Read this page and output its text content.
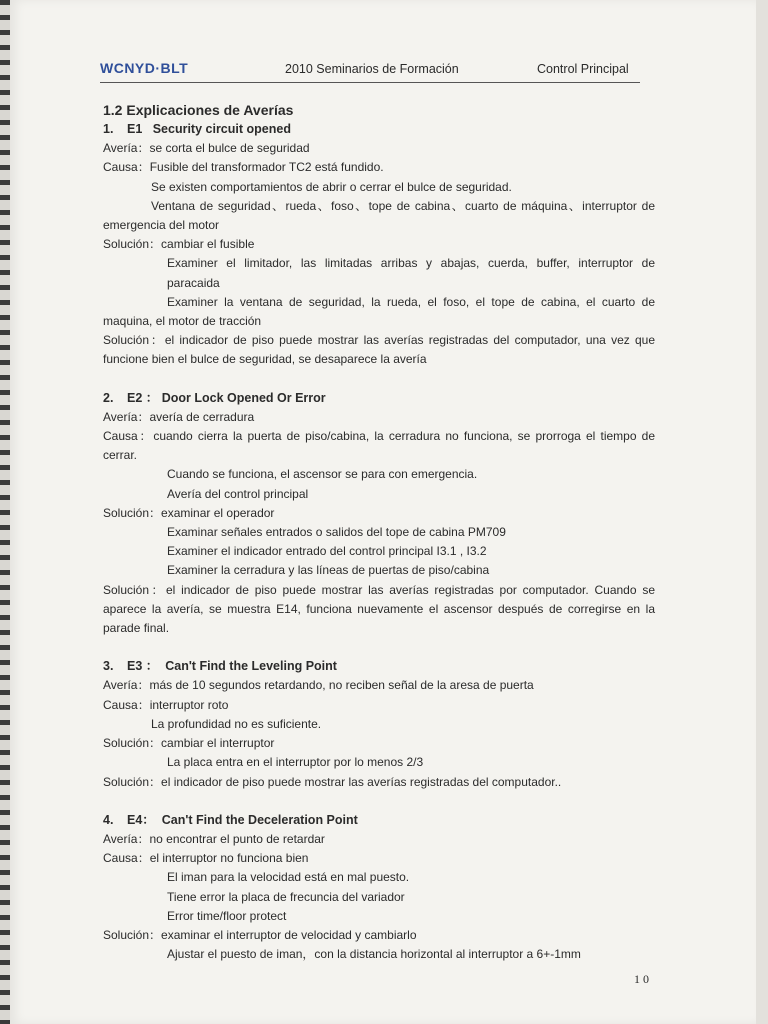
WCNYD·BLT	2010 Seminarios de Formación	Control Principal

1.2 Explicaciones de Averías

1. E1 Security circuit opened

Avería：se corta el bulce de seguridad

Causa：Fusible del transformador TC2 está fundido.

Se existen comportamientos de abrir o cerrar el bulce de seguridad.

Ventana de seguridad、rueda、foso、tope de cabina、cuarto de máquina、interruptor de

emergencia del motor

Solución：cambiar el fusible

Examiner el limitador, las limitadas arribas y abajas, cuerda, buffer, interruptor de

paracaida

Examiner la ventana de seguridad, la rueda, el foso, el tope de cabina, el cuarto de

maquina, el motor de tracción

Solución：el indicador de piso puede mostrar las averías registradas del computador, una vez que

funcione bien el bulce de seguridad, se desaparece la avería

2. E2 ： Door Lock Opened Or Error

Avería：avería de cerradura

Causa：cuando cierra la puerta de piso/cabina, la cerradura no funciona, se prorroga el tiempo de

cerrar.

Cuando se funciona, el ascensor se para con emergencia.

Avería del control principal

Solución：examinar el operador

Examinar señales entrados o salidos del tope de cabina PM709

Examiner el indicador entrado del control principal I3.1 , I3.2

Examiner la cerradura y las líneas de puertas de piso/cabina

Solución：el indicador de piso puede mostrar las averías registradas por computador. Cuando se

aparece la avería, se muestra E14, funciona nuevamente el ascensor después de corregirse en la

parade final.

3. E3 ： Can't Find the Leveling Point

Avería：más de 10 segundos retardando, no reciben señal de la aresa de puerta

Causa：interruptor roto

La profundidad no es suficiente.

Solución：cambiar el interruptor

La placa entra en el interruptor por lo menos 2/3

Solución：el indicador de piso puede mostrar las averías registradas del computador..

4. E4： Can't Find the Deceleration Point

Avería：no encontrar el punto de retardar

Causa：el interruptor no funciona bien

El iman para la velocidad está en mal puesto.

Tiene error la placa de frecuncia del variador

Error time/floor protect

Solución：examinar el interruptor de velocidad y cambiarlo

Ajustar el puesto de iman，con la distancia horizontal al interruptor a 6+-1mm

10
